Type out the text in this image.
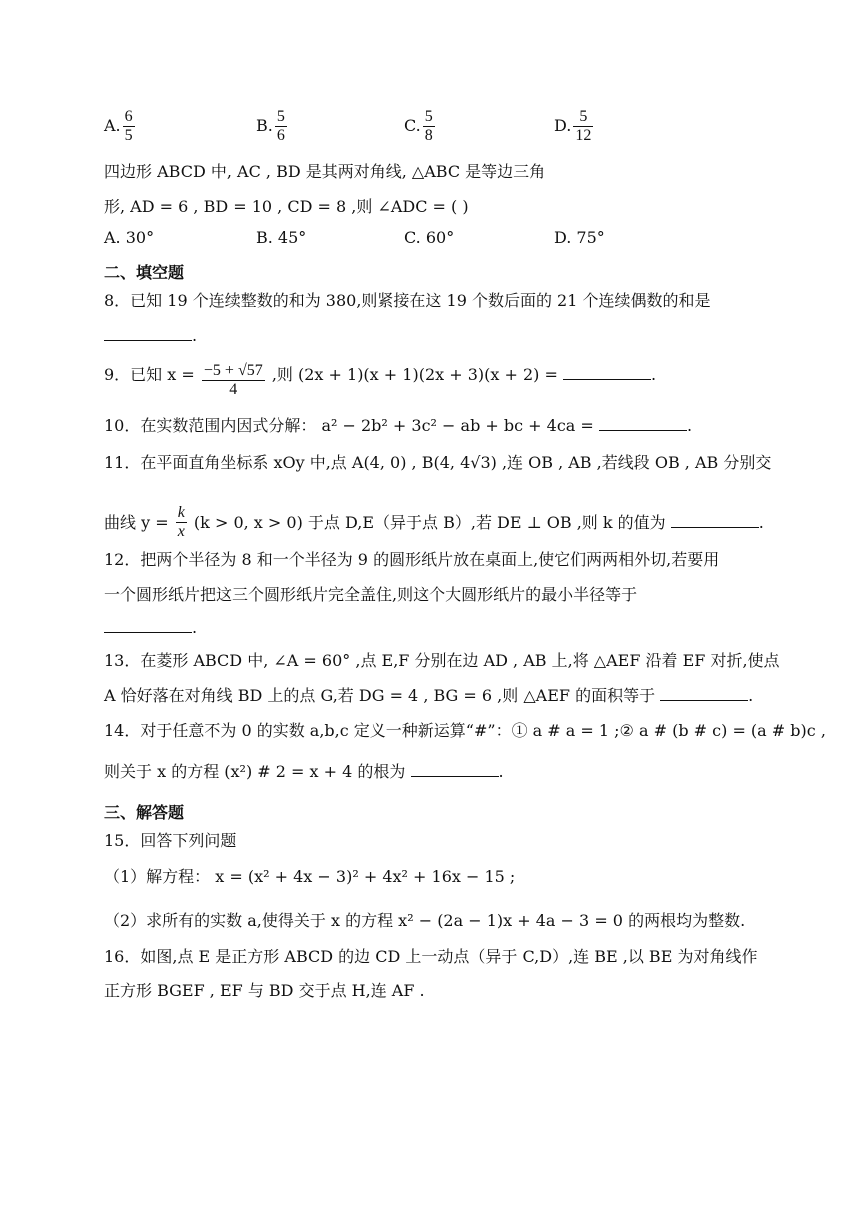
A. $\frac{6}{5}$	B. $\frac{5}{6}$	C. $\frac{5}{8}$	D. $\frac{5}{12}$
四边形 ABCD 中, AC , BD 是其两对角线, △ABC 是等边三角
形, AD = 6 , BD = 10 , CD = 8 ,则 ∠ADC = ( )
A. 30°	B. 45°	C. 60°	D. 75°
二、填空题
8．已知 19 个连续整数的和为 380,则紧接在这 19 个数后面的 21 个连续偶数的和是
.
9．已知 $x = \frac{-5 + √57}{4}$ ,则 (2x + 1)(x + 1)(2x + 3)(x + 2) =	.
10．在实数范围内因式分解： a² − 2b² + 3c² − ab + bc + 4ca =	.
11．在平面直角坐标系 xOy 中,点 A(4, 0) , B(4, 4√3) ,连 OB , AB ,若线段 OB , AB 分别交
曲线 $y = \frac{k}{x} (k > 0$, x > 0) 于点 D,E（异于点 B）,若 DE ⊥ OB ,则 k 的值为	.
12．把两个半径为 8 和一个半径为 9 的圆形纸片放在桌面上,使它们两两相外切,若要用
一个圆形纸片把这三个圆形纸片完全盖住,则这个大圆形纸片的最小半径等于
.
13．在菱形 ABCD 中, ∠A = 60° ,点 E,F 分别在边 AD , AB 上,将 △AEF 沿着 EF 对折,使点
A 恰好落在对角线 BD 上的点 G,若 DG = 4 , BG = 6 ,则 △AEF 的面积等于	.
14．对于任意不为 0 的实数 a,b,c 定义一种新运算“#”：① a # a = 1 ;② a # (b # c) = (a # b)c ,
则关于 x 的方程 (x²) # 2 = x + 4 的根为	.
三、解答题
15．回答下列问题
（1）解方程： x = (x² + 4x − 3)² + 4x² + 16x − 15 ;
（2）求所有的实数 a,使得关于 x 的方程 x² − (2a − 1)x + 4a − 3 = 0 的两根均为整数.
16．如图,点 E 是正方形 ABCD 的边 CD 上一动点（异于 C,D）,连 BE ,以 BE 为对角线作
正方形 BGEF , EF 与 BD 交于点 H,连 AF .
